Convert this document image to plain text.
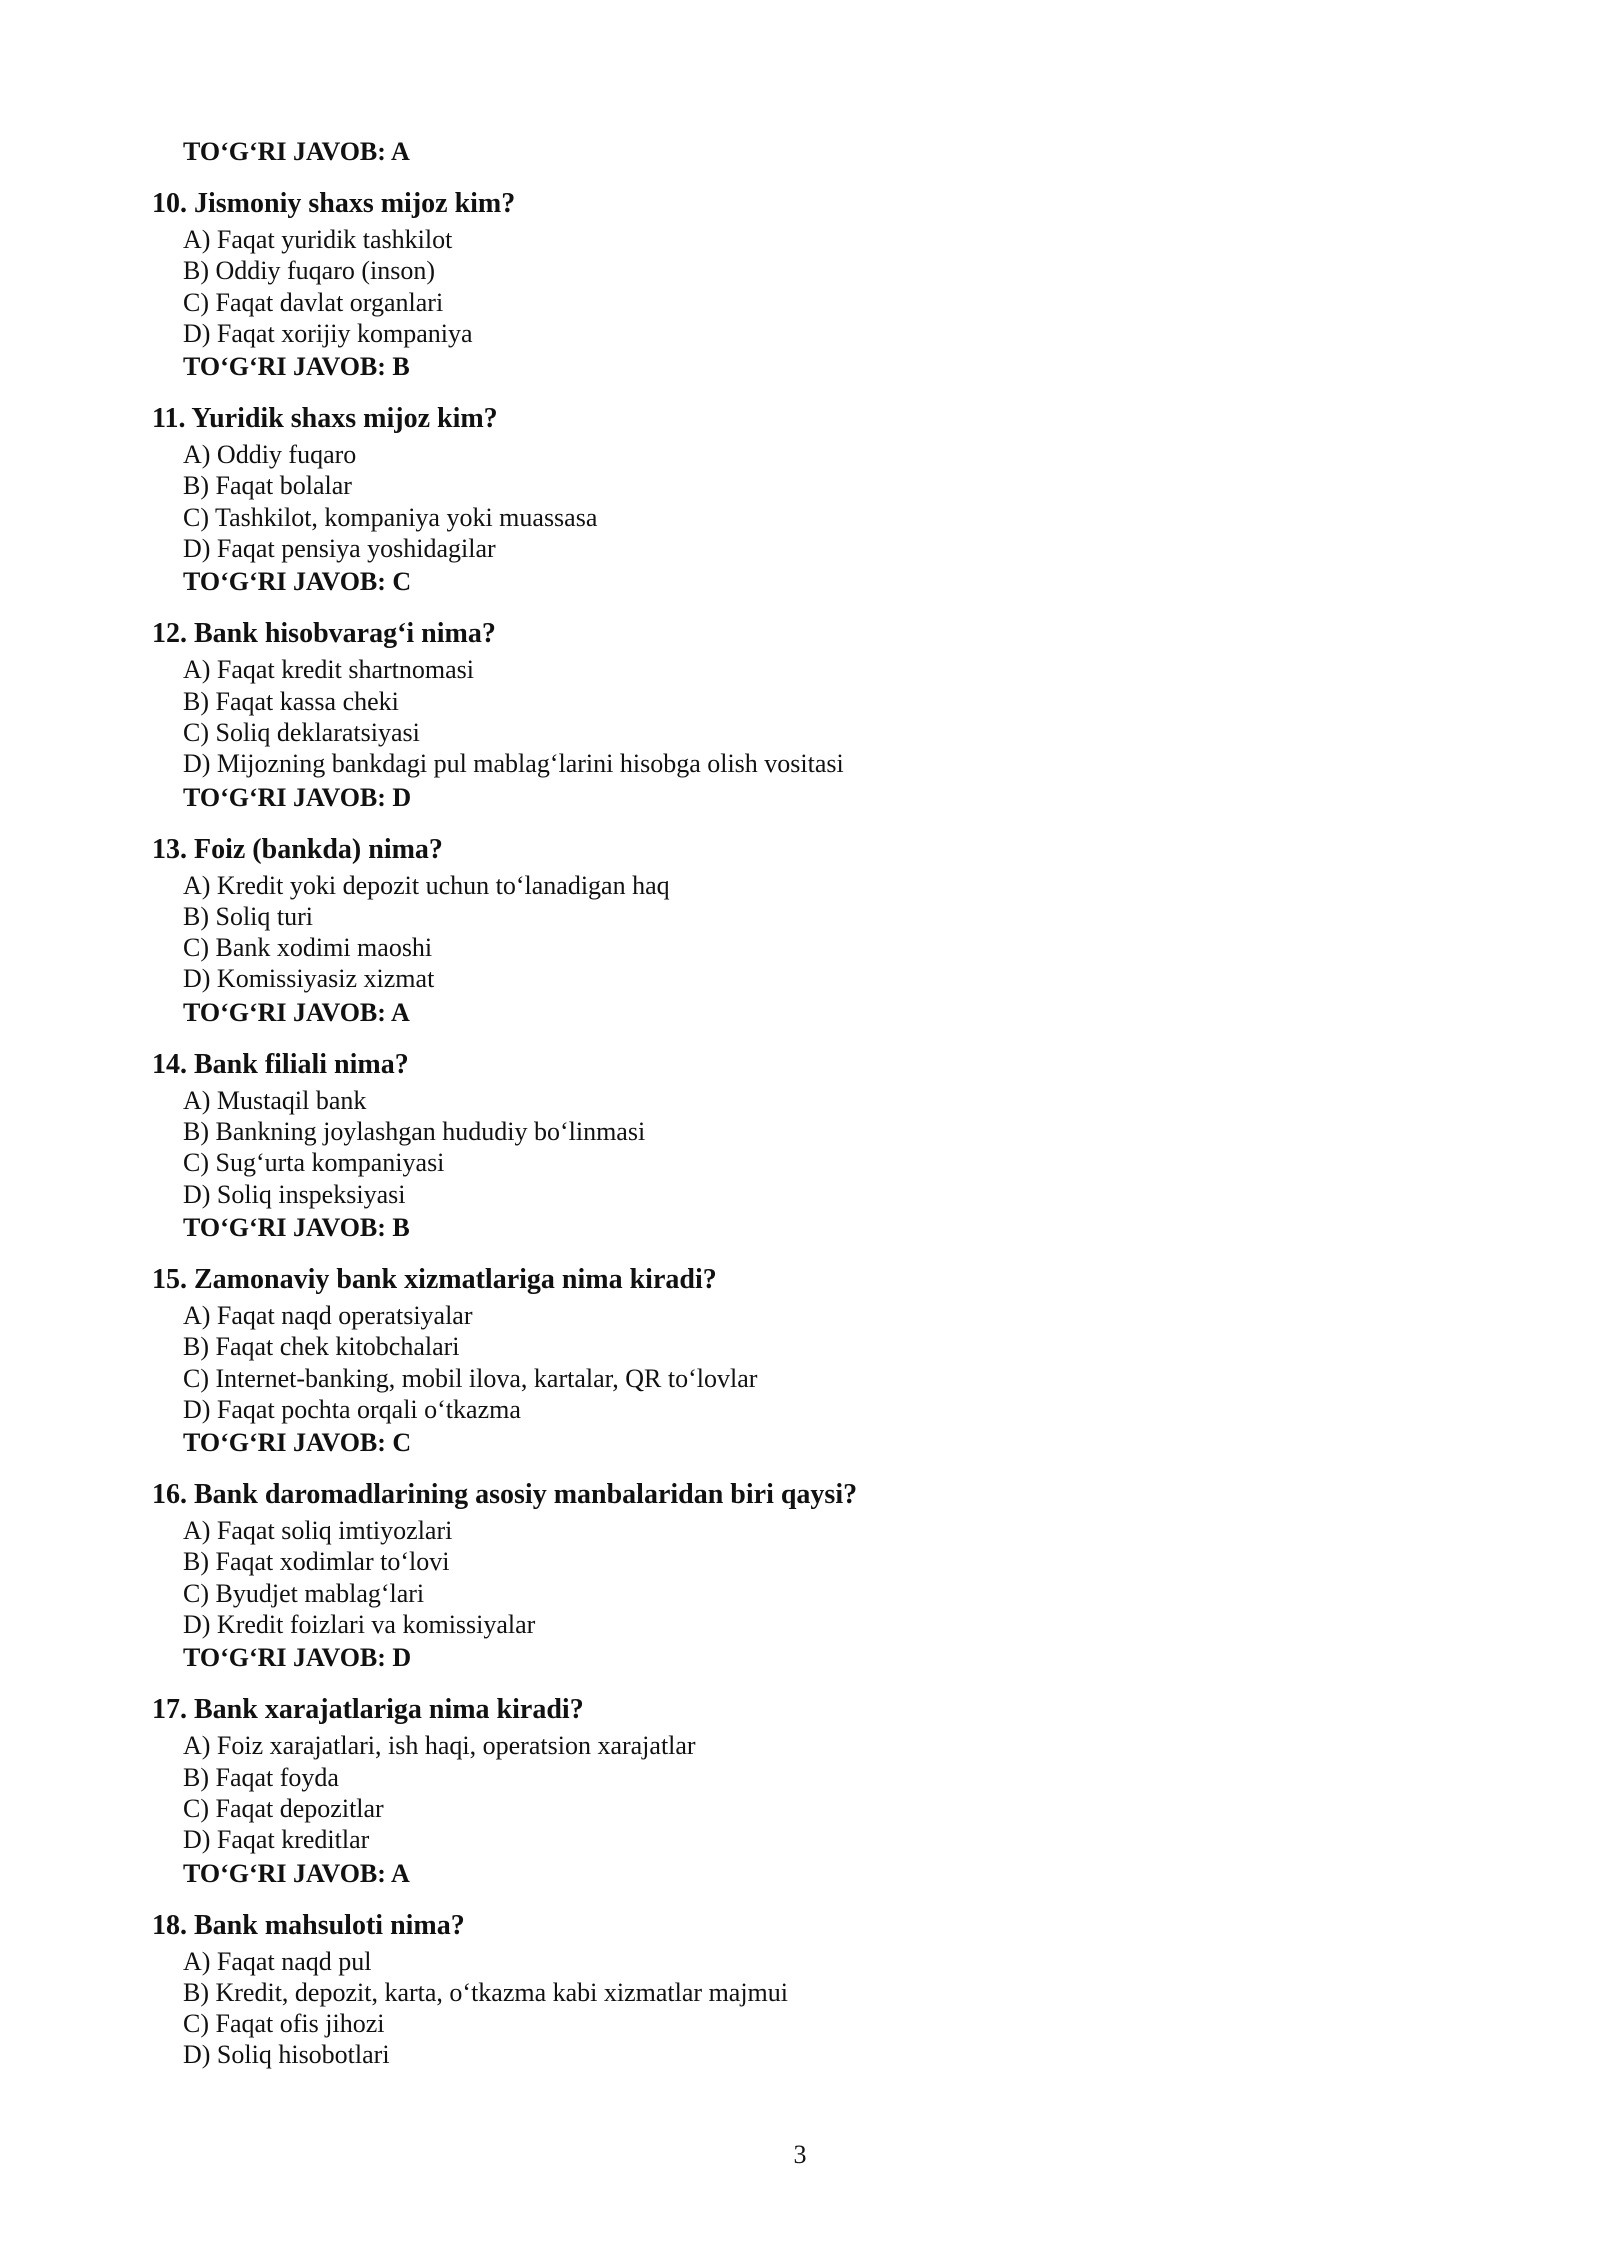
TO‘G‘RI JAVOB: A

10. Jismoniy shaxs mijoz kim?

A) Faqat yuridik tashkilot

B) Oddiy fuqaro (inson)

C) Faqat davlat organlari

D) Faqat xorijiy kompaniya

TO‘G‘RI JAVOB: B

11. Yuridik shaxs mijoz kim?

A) Oddiy fuqaro

B) Faqat bolalar

C) Tashkilot, kompaniya yoki muassasa

D) Faqat pensiya yoshidagilar

TO‘G‘RI JAVOB: C

12. Bank hisobvarag‘i nima?

A) Faqat kredit shartnomasi

B) Faqat kassa cheki

C) Soliq deklaratsiyasi

D) Mijozning bankdagi pul mablag‘larini hisobga olish vositasi

TO‘G‘RI JAVOB: D

13. Foiz (bankda) nima?

A) Kredit yoki depozit uchun to‘lanadigan haq

B) Soliq turi

C) Bank xodimi maoshi

D) Komissiyasiz xizmat

TO‘G‘RI JAVOB: A

14. Bank filiali nima?

A) Mustaqil bank

B) Bankning joylashgan hududiy bo‘linmasi

C) Sug‘urta kompaniyasi

D) Soliq inspeksiyasi

TO‘G‘RI JAVOB: B

15. Zamonaviy bank xizmatlariga nima kiradi?

A) Faqat naqd operatsiyalar

B) Faqat chek kitobchalari

C) Internet-banking, mobil ilova, kartalar, QR to‘lovlar

D) Faqat pochta orqali o‘tkazma

TO‘G‘RI JAVOB: C

16. Bank daromadlarining asosiy manbalaridan biri qaysi?

A) Faqat soliq imtiyozlari

B) Faqat xodimlar to‘lovi

C) Byudjet mablag‘lari

D) Kredit foizlari va komissiyalar

TO‘G‘RI JAVOB: D

17. Bank xarajatlariga nima kiradi?

A) Foiz xarajatlari, ish haqi, operatsion xarajatlar

B) Faqat foyda

C) Faqat depozitlar

D) Faqat kreditlar

TO‘G‘RI JAVOB: A

18. Bank mahsuloti nima?

A) Faqat naqd pul

B) Kredit, depozit, karta, o‘tkazma kabi xizmatlar majmui

C) Faqat ofis jihozi

D) Soliq hisobotlari

3
